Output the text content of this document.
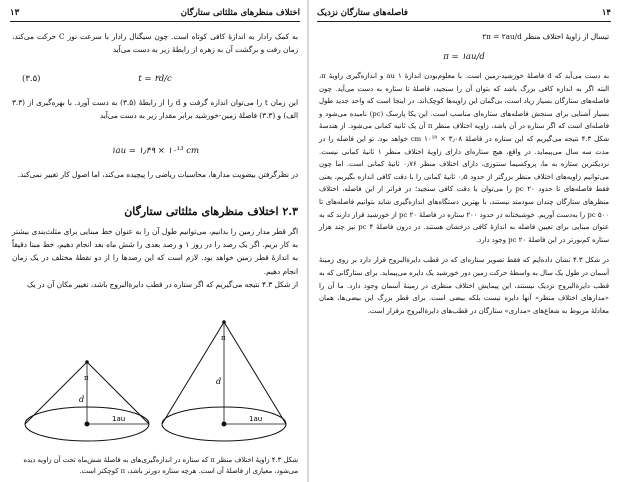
اختلاف منظرهای مثلثاتی ستارگان
۱۳

به کمک رادار به اندازهٔ کافی کوتاه است. چون سیگنال رادار با سرعت نور C حرکت می‌کند، زمان رفت و برگشت آن به زهره از رابطهٔ زیر به دست می‌آید

t = ۲d/c
(۳.۵)

این زمان t را می‌توان اندازه گرفت و d را از رابطهٔ (۳.۵) به دست آورد. با بهره‌گیری از (۳.۳ الف) و (۳.۳) فاصلهٔ زمین-خورشید برابر مقدار زیر به دست می‌آید

۱au = ۱٫۴۹ × ۱۰¹³ cm

در نظرگرفتن بیضویت مدارها، محاسبات ریاضی را پیچیده می‌کند، اما اصول کار تغییر نمی‌کند.

۲.۳ اختلاف منظرهای مثلثاتی ستارگان

اگر قطر مدار زمین را بدانیم، می‌توانیم طول آن را به عنوان خط مبنایی برای مثلث‌بندی بیشتر به کار بریم. اگر یک رصد را در روز ۱ و رصد بعدی را شش ماه بعد انجام دهیم، خط مبنا دقیقاً به اندازهٔ قطر زمین خواهد بود. لازم است که این رصدها را از دو نقطهٔ مختلف در یک زمان انجام دهیم.

از شکل ۴.۳ نتیجه می‌گیریم که اگر ستاره در قطب دایرةالبروج باشد، تغییر مکان آن در یک

1au
d
π
1au
d
π
شکل ۴.۳ زاویهٔ اختلاف منظر π که ستاره در اندازه‌گیری‌های به فاصلهٔ شش‌ماه تحت آن زاویه دیده می‌شود، معیاری از فاصلهٔ آن است. هرچه ستاره دورتر باشد، π کوچکتر است.
۱۴
فاصله‌های ستارگان نزدیک

تیسال از زاویهٔ اختلاف منظر ۲π = ۲au/d

π = ۱au/d

به دست می‌آید که d فاصلهٔ خورشید-زمین است. با معلوم‌بودن اندازهٔ ۱ au و اندازه‌گیری زاویهٔ π، البته اگر به اندازه کافی بزرگ باشد که بتوان آن را سنجید، فاصلهٔ تا ستاره به دست می‌آید. چون فاصله‌های ستارگان بسیار زیاد است، بی‌گمان این زاویه‌ها کوچک‌اند. در اینجا است که واحد جدید طول بسیار آشنایی برای سنجش فاصله‌های ستاره‌ای مناسب است. این یکا پارسک (pc) نامیده می‌شود و فاصله‌ای است که اگر ستاره در آن باشد، زاویه اختلاف منظر π آن یک ثانیه کمانی می‌شود. از هندسهٔ شکل ۴.۳ نتیجه می‌گیریم که این ستاره در فاصلهٔ ۳٫۰۸ × ۱۰¹⁸ cm خواهد بود. تو این فاصله را در مدت سه سال می‌پیماید. در واقع، هیچ ستاره‌ای دارای زاویهٔ اختلاف منظر ۱ ثانیهٔ کمانی نیست. نزدیکترین ستاره به ما، پروکسیما سنتوری، دارای اختلاف منظر ۰٫۷۶ ثانیهٔ کمانی است. اما چون می‌توانیم زاویه‌های اختلاف منظر بزرگتر از حدود ۰٫۵ ثانیهٔ کمانی را با دقت کافی اندازه بگیریم، یعنی فقط فاصله‌های تا حدود ۲۰ pc را می‌توان با دقت کافی سنجید؛ در فراتر از این فاصله، اختلاف منظرهای ستارگان چندان سودمند نیستند، با بهترین دستگاه‌های اندازه‌گیری شاید بتوانیم فاصله‌های تا ۵۰۰ pc را به‌دست آوریم. خوشبختانه در حدود ۲۰۰ ستاره در فاصلهٔ ۲۰ pc از خورشید قرار دارند که به عنوان مبنایی برای تعیین فاصله به اندازهٔ کافی درخشان هستند. در درون فاصلهٔ ۴ pc نیز چند هزار ستاره کم‌نورتر در این فاصلهٔ ۲۰ pc وجود دارد.

در شکل ۴.۳ نشان داده‌ایم که فقط تصویر ستاره‌ای که در قطب دایرةالبروج قرار دارد بر روی زمینهٔ آسمان در طول یک سال به واسطهٔ حرکت زمین دور خورشید یک دایره می‌پیماید. برای ستارگانی که به قطب دایرةالبروج نزدیک نیستند، این پیمایش اختلاف منظری در زمینهٔ آسمان وجود دارد. ما آن را «مدارهای اختلاف منظر» آنها دایره نیست بلکه بیضی است. برای قطر بزرگ این بیضی‌ها، همان معادلهٔ مربوط به شعاع‌های «مداری» ستارگان در قطب‌های دایرةالبروج برقرار است.
